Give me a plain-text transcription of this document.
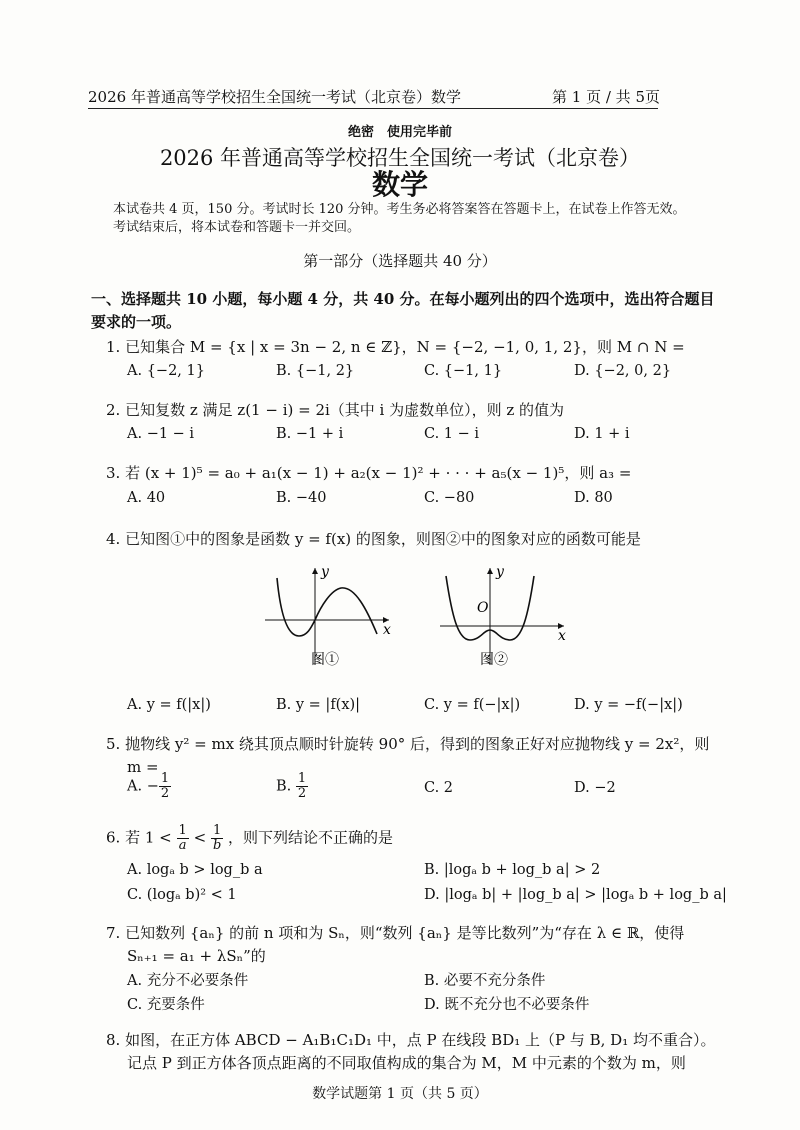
2026 年普通高等学校招生全国统一考试（北京卷）数学	第 1 页 / 共 5页
绝密　使用完毕前
2026 年普通高等学校招生全国统一考试（北京卷）
数学
本试卷共 4 页，150 分。考试时长 120 分钟。考生务必将答案答在答题卡上，在试卷上作答无效。
考试结束后，将本试卷和答题卡一并交回。
第一部分（选择题共 40 分）
一、选择题共 10 小题，每小题 4 分，共 40 分。在每小题列出的四个选项中，选出符合题目
要求的一项。
1. 已知集合 M = {x | x = 3n − 2, n ∈ ℤ}，N = {−2, −1, 0, 1, 2}，则 M ∩ N =
A. {−2, 1}	B. {−1, 2}	C. {−1, 1}	D. {−2, 0, 2}
2. 已知复数 z 满足 z(1 − i) = 2i（其中 i 为虚数单位），则 z 的值为
A. −1 − i	B. −1 + i	C. 1 − i	D. 1 + i
3. 若 (x + 1)⁵ = a₀ + a₁(x − 1) + a₂(x − 1)² + · · · + a₅(x − 1)⁵，则 a₃ =
A. 40	B. −40	C. −80	D. 80
4. 已知图①中的图象是函数 y = f(x) 的图象，则图②中的图象对应的函数可能是
y
x
图①
y
O
x
图②
A. y = f(|x|)	B. y = |f(x)|	C. y = f(−|x|)	D. y = −f(−|x|)
5. 抛物线 y² = mx 绕其顶点顺时针旋转 90° 后，得到的图象正好对应抛物线 y = 2x²，则
m =
A. − $\frac{1}{2}$	B. $\frac{1}{2}$	C. 2	D. −2
6. 若 $1 < \frac{1}{a} < \frac{1}{b}$ ，则下列结论不正确的是
A. logₐ b > log_b a	B. |logₐ b + log_b a| > 2
C. (logₐ b)² < 1	D. |logₐ b| + |log_b a| > |logₐ b + log_b a|
7. 已知数列 {aₙ} 的前 n 项和为 Sₙ，则“数列 {aₙ} 是等比数列”为“存在 λ ∈ ℝ，使得
Sₙ₊₁ = a₁ + λSₙ”的
A. 充分不必要条件	B. 必要不充分条件
C. 充要条件	D. 既不充分也不必要条件
8. 如图，在正方体 ABCD − A₁B₁C₁D₁ 中，点 P 在线段 BD₁ 上（P 与 B, D₁ 均不重合）。
记点 P 到正方体各顶点距离的不同取值构成的集合为 M，M 中元素的个数为 m，则
数学试题第 1 页（共 5 页）
